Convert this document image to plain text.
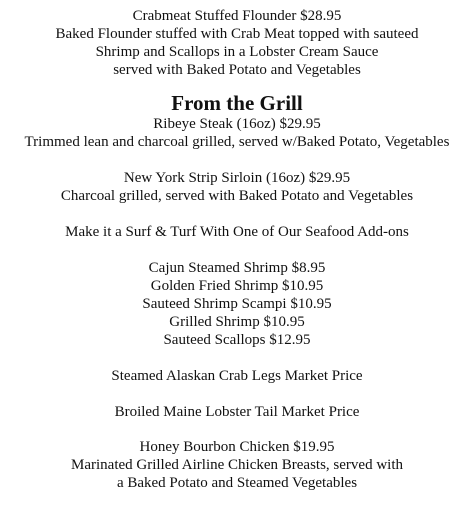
Crabmeat Stuffed Flounder $28.95
Baked Flounder stuffed with Crab Meat topped with sauteed
Shrimp and Scallops in a Lobster Cream Sauce
served with Baked Potato and Vegetables
From the Grill
Ribeye Steak (16oz) $29.95
Trimmed lean and charcoal grilled, served w/Baked Potato, Vegetables
New York Strip Sirloin (16oz) $29.95
Charcoal grilled, served with Baked Potato and Vegetables
Make it a Surf & Turf With One of Our Seafood Add-ons
Cajun Steamed Shrimp $8.95
Golden Fried Shrimp $10.95
Sauteed Shrimp Scampi $10.95
Grilled Shrimp $10.95
Sauteed Scallops $12.95
Steamed Alaskan Crab Legs Market Price
Broiled Maine Lobster Tail Market Price
Honey Bourbon Chicken $19.95
Marinated Grilled Airline Chicken Breasts, served with
a Baked Potato and Steamed Vegetables
